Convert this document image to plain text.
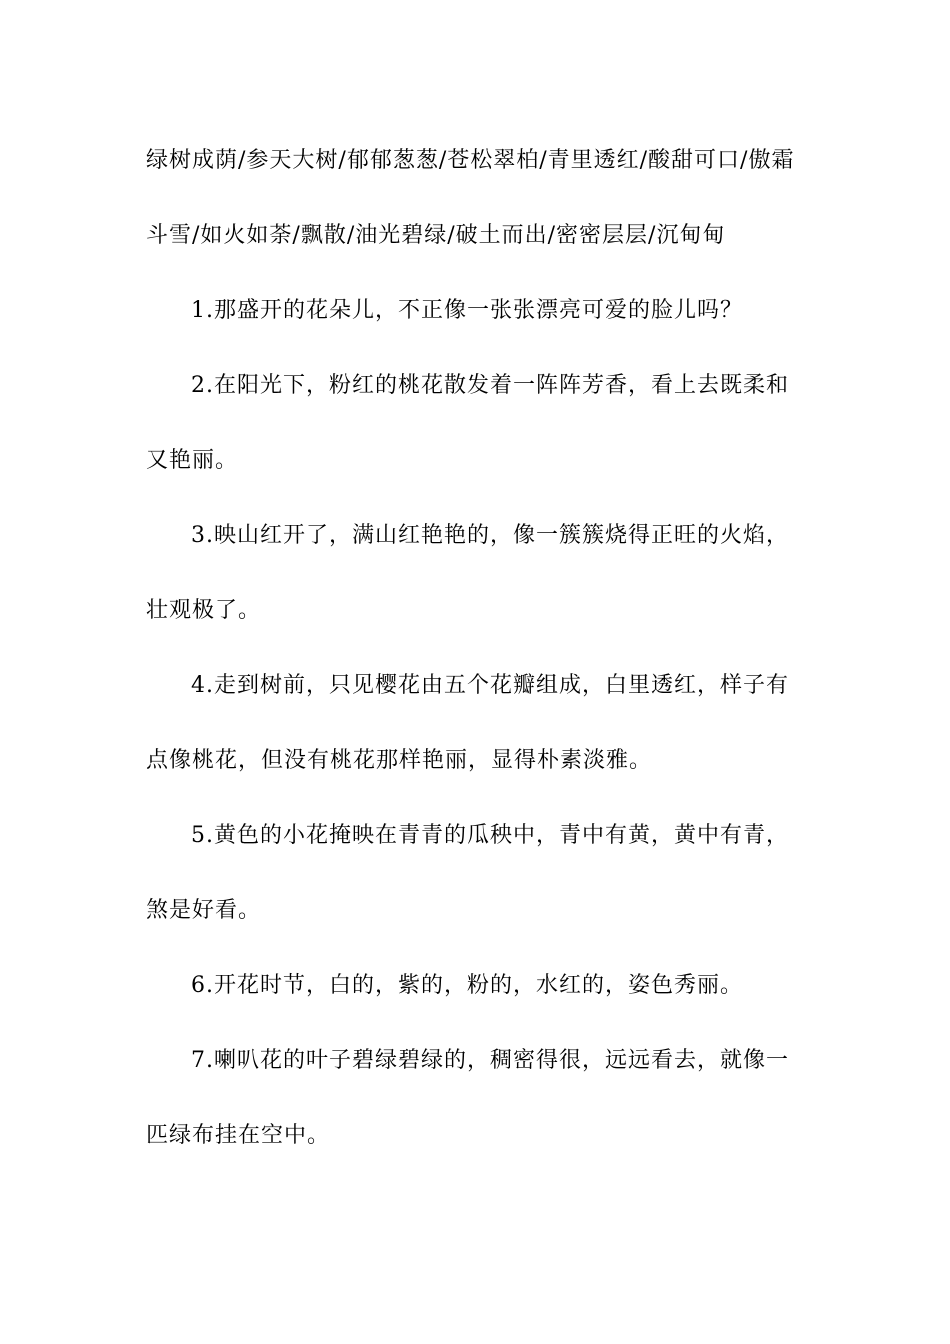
绿树成荫/参天大树/郁郁葱葱/苍松翠柏/青里透红/酸甜可口/傲霜斗雪/如火如荼/飘散/油光碧绿/破土而出/密密层层/沉甸甸

1.那盛开的花朵儿，不正像一张张漂亮可爱的脸儿吗？

2.在阳光下，粉红的桃花散发着一阵阵芳香，看上去既柔和又艳丽。

3.映山红开了，满山红艳艳的，像一簇簇烧得正旺的火焰，壮观极了。

4.走到树前，只见樱花由五个花瓣组成，白里透红，样子有点像桃花，但没有桃花那样艳丽，显得朴素淡雅。

5.黄色的小花掩映在青青的瓜秧中，青中有黄，黄中有青，煞是好看。

6.开花时节，白的，紫的，粉的，水红的，姿色秀丽。

7.喇叭花的叶子碧绿碧绿的，稠密得很，远远看去，就像一匹绿布挂在空中。
